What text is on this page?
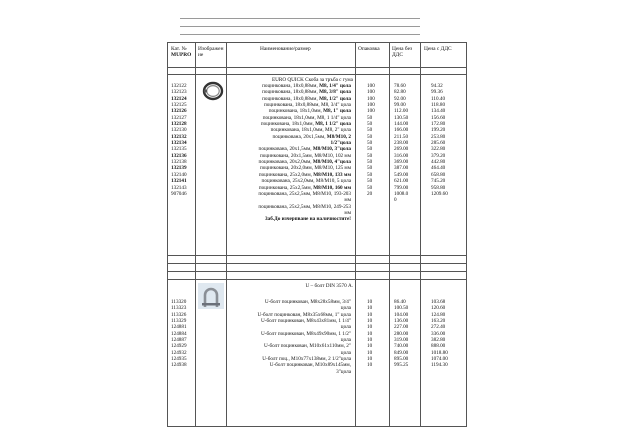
Кат. №
MUPRO
Изображение
Наименование/размер	Опаковка	Цена без ДДС
Цена с ДДС
EURO QUICK Скоба за тръба с гума
132122
132123
132124
132125
132126
132127
132128
132130
132132
132134
132135
132136
132138
132139
132140
132141
132143
907046
поцинкована, 18x0,88мм, M8, 1/4" цола
поцинкована, 18x0,88мм, M8, 3/8" цола
поцинкована, 18x0,88мм, M8, 1/2" цола
поцинкована, 18x0,88мм, M8, 3/4" цола
поцинкована, 18x1,0мм, M8, 1" цола
поцинкована, 18x1,0мм, M8, 1 1/4" цола
поцинкована, 18x1,0мм, M8, 1 1/2" цола
поцинкована, 18x1,0мм, M8, 2" цола
поцинкована, 20x1,5мм, M8/M10, 2
1/2"цола
поцинкована, 20x1,5мм, M8/M10, 3"цола
поцинкована, 20x1,5мм, M8/M10, 102 мм
поцинкована, 20x2,0мм, M8/M10, 4"цола
поцинкована, 20x2,0мм, M8/M10, 125 мм
поцинкована, 25x2,0мм, M8/M10, 133 мм
поцинкована, 25x2,0мм, M8/M10, 5 цола
поцинкована, 25x2,5мм, M8/M10, 160 мм
поцинкована, 25x2,5мм, M8/M10, 193-203
мм
поцинкована, 25x2,5мм, M8/M10, 249-253
мм
Заб.До изчерпване на наличностите!
100
100
100
100
100
50
50
50
50
50
50
50
50
50
50
50
50
20
78.60
82.80
92.00
99.00
112.00
130.50
144.00
166.00
211.50
238.00
269.00
316.00
369.00
387.00
549.00
621.00
799.00
1008.0
0
94.32
99.36
110.40
118.80
134.40
156.60
172.80
199.20
253.80
285.60
322.80
379.20
442.80
464.40
658.80
745.20
958.80
1209.60
U – болт DIN 3570 А.
113320
113323
113326
113329
124881
124884
124887
124929
124932
124935
124938
U-болт поцинкован, M8x28x58мм, 3/4"
цола
U-болт поцинкован, M8x35x68мм, 1" цола
U-болт поцинкован, M8x43x81мм, 1 1/4"
цола
U-болт поцинкован, M8x49x90мм, 1 1/2"
цола
U-болт поцинкован, M10x61x110мм, 2"
цола
U-болт поц., M10x77x138мм, 2 1/2"цола
U-болт поцинкован, M10x89x145мм,
3"цола
10
10
10
10
10
10
10
10
10
10
10
86.40
100.50
104.00
136.00
227.00
280.00
319.00
740.00
849.00
895.00
995.25
103.68
120.60
124.80
163.20
272.40
336.00
382.80
888.00
1018.80
1074.00
1194.30
